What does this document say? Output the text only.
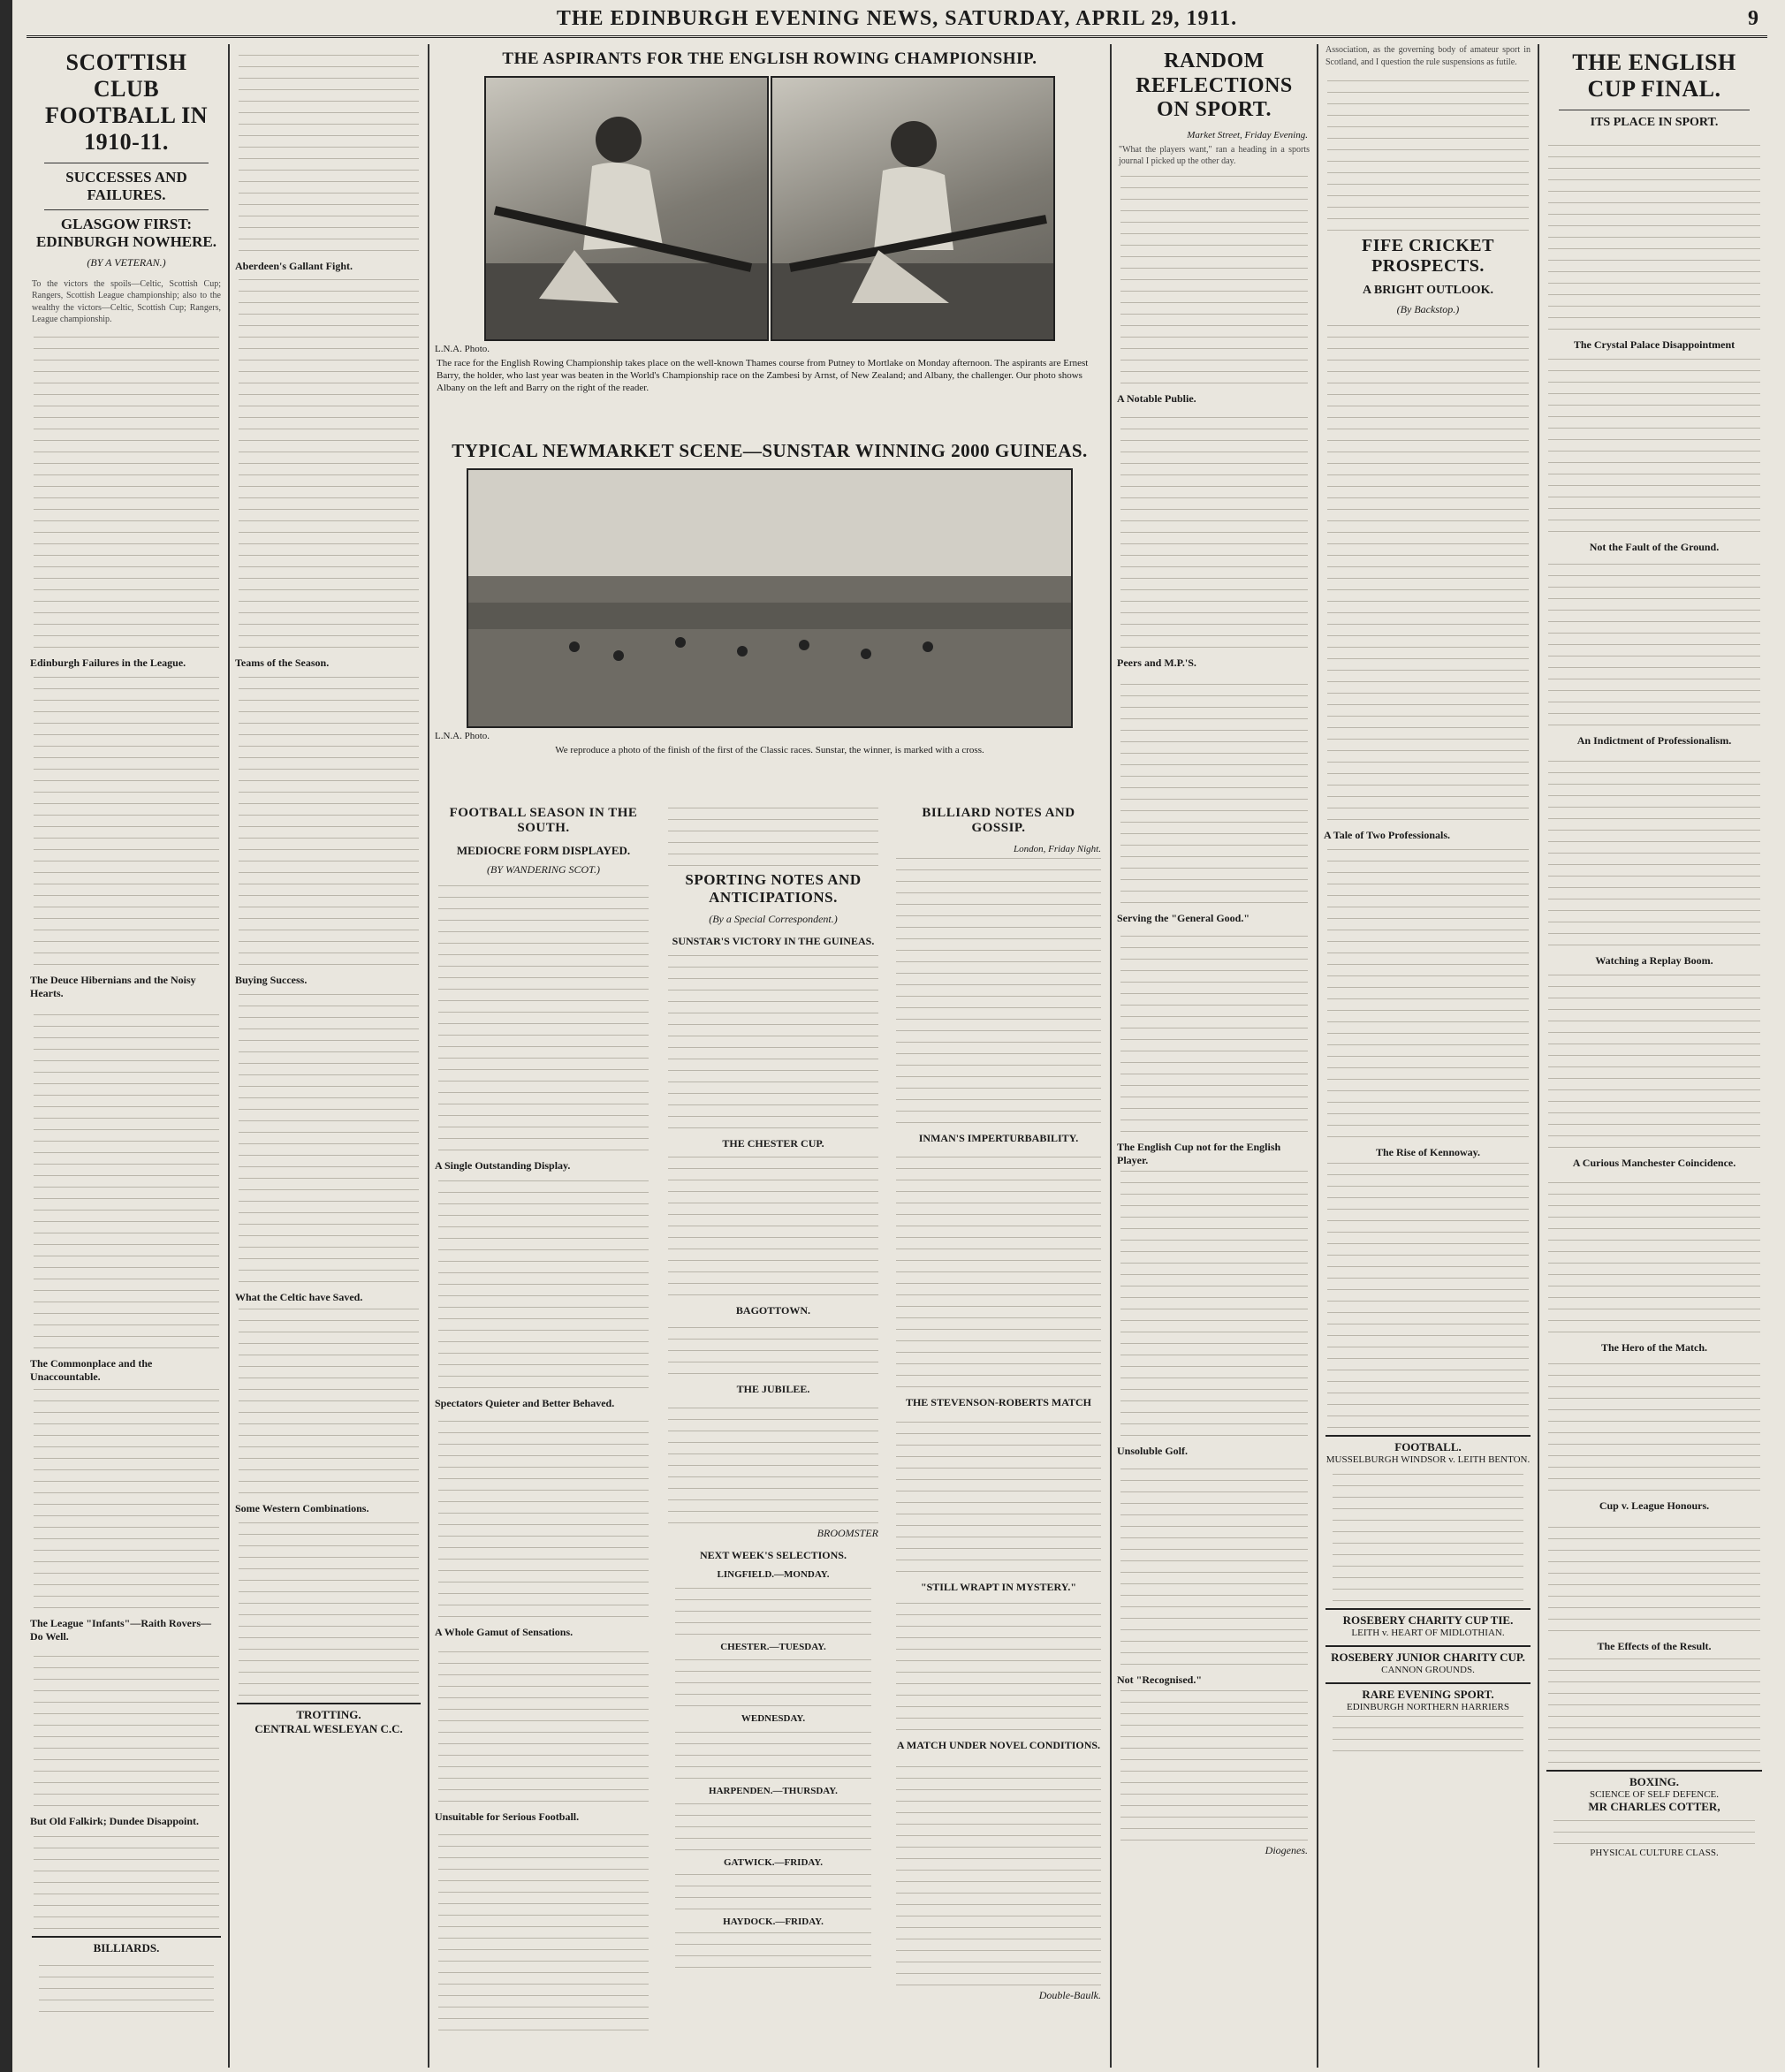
THE EDINBURGH EVENING NEWS, SATURDAY, APRIL 29, 1911.	9
SCOTTISH CLUB FOOTBALL IN 1910-11.
SUCCESSES AND FAILURES.
GLASGOW FIRST: EDINBURGH NOWHERE.
(BY A VETERAN.)
To the victors the spoils—Celtic, Scottish Cup; Rangers, Scottish League championship; also to the wealthy the victors—Celtic, Scottish Cup; Rangers, League championship.
Edinburgh Failures in the League.
The Deuce Hibernians and the Noisy Hearts.
The Commonplace and the Unaccountable.
The League "Infants"—Raith Rovers—Do Well.
But Old Falkirk; Dundee Disappoint.
BILLIARDS.
Aberdeen's Gallant Fight.
Teams of the Season.
Buying Success.
What the Celtic have Saved.
Some Western Combinations.
TROTTING.
CENTRAL WESLEYAN C.C.
THE ASPIRANTS FOR THE ENGLISH ROWING CHAMPIONSHIP.
L.N.A. Photo.
The race for the English Rowing Championship takes place on the well-known Thames course from Putney to Mortlake on Monday afternoon. The aspirants are Ernest Barry, the holder, who last year was beaten in the World's Championship race on the Zambesi by Arnst, of New Zealand; and Albany, the challenger. Our photo shows Albany on the left and Barry on the right of the reader.
TYPICAL NEWMARKET SCENE—SUNSTAR WINNING 2000 GUINEAS.
L.N.A. Photo.
We reproduce a photo of the finish of the first of the Classic races. Sunstar, the winner, is marked with a cross.
FOOTBALL SEASON IN THE SOUTH.
MEDIOCRE FORM DISPLAYED.
(BY WANDERING SCOT.)
A Single Outstanding Display.
Spectators Quieter and Better Behaved.
A Whole Gamut of Sensations.
Unsuitable for Serious Football.
SPORTING NOTES AND ANTICIPATIONS.
(By a Special Correspondent.)
SUNSTAR'S VICTORY IN THE GUINEAS.
THE CHESTER CUP.
BAGOTTOWN.
THE JUBILEE.
BROOMSTER
NEXT WEEK'S SELECTIONS.
LINGFIELD.—MONDAY.
CHESTER.—TUESDAY.
WEDNESDAY.
HARPENDEN.—THURSDAY.
GATWICK.—FRIDAY.
HAYDOCK.—FRIDAY.
BILLIARD NOTES AND GOSSIP.
London, Friday Night.
INMAN'S IMPERTURBABILITY.
THE STEVENSON-ROBERTS MATCH
"STILL WRAPT IN MYSTERY."
A MATCH UNDER NOVEL CONDITIONS.
Double-Baulk.
RANDOM REFLECTIONS ON SPORT.
Market Street, Friday Evening.
"What the players want," ran a heading in a sports journal I picked up the other day.
A Notable Publie.
Peers and M.P.'S.
Serving the "General Good."
The English Cup not for the English Player.
Unsoluble Golf.
Not "Recognised."
Diogenes.
Association, as the governing body of amateur sport in Scotland, and I question the rule suspensions as futile.
FIFE CRICKET PROSPECTS.
A BRIGHT OUTLOOK.
(By Backstop.)
A Tale of Two Professionals.
The Rise of Kennoway.
FOOTBALL.
MUSSELBURGH WINDSOR v. LEITH BENTON.
ROSEBERY CHARITY CUP TIE.
LEITH v. HEART OF MIDLOTHIAN.
ROSEBERY JUNIOR CHARITY CUP.
CANNON GROUNDS.
RARE EVENING SPORT.
EDINBURGH NORTHERN HARRIERS
THE ENGLISH CUP FINAL.
ITS PLACE IN SPORT.
The Crystal Palace Disappointment
Not the Fault of the Ground.
An Indictment of Professionalism.
Watching a Replay Boom.
A Curious Manchester Coincidence.
The Hero of the Match.
Cup v. League Honours.
The Effects of the Result.
BOXING.
SCIENCE OF SELF DEFENCE.
MR CHARLES COTTER,
PHYSICAL CULTURE CLASS.
